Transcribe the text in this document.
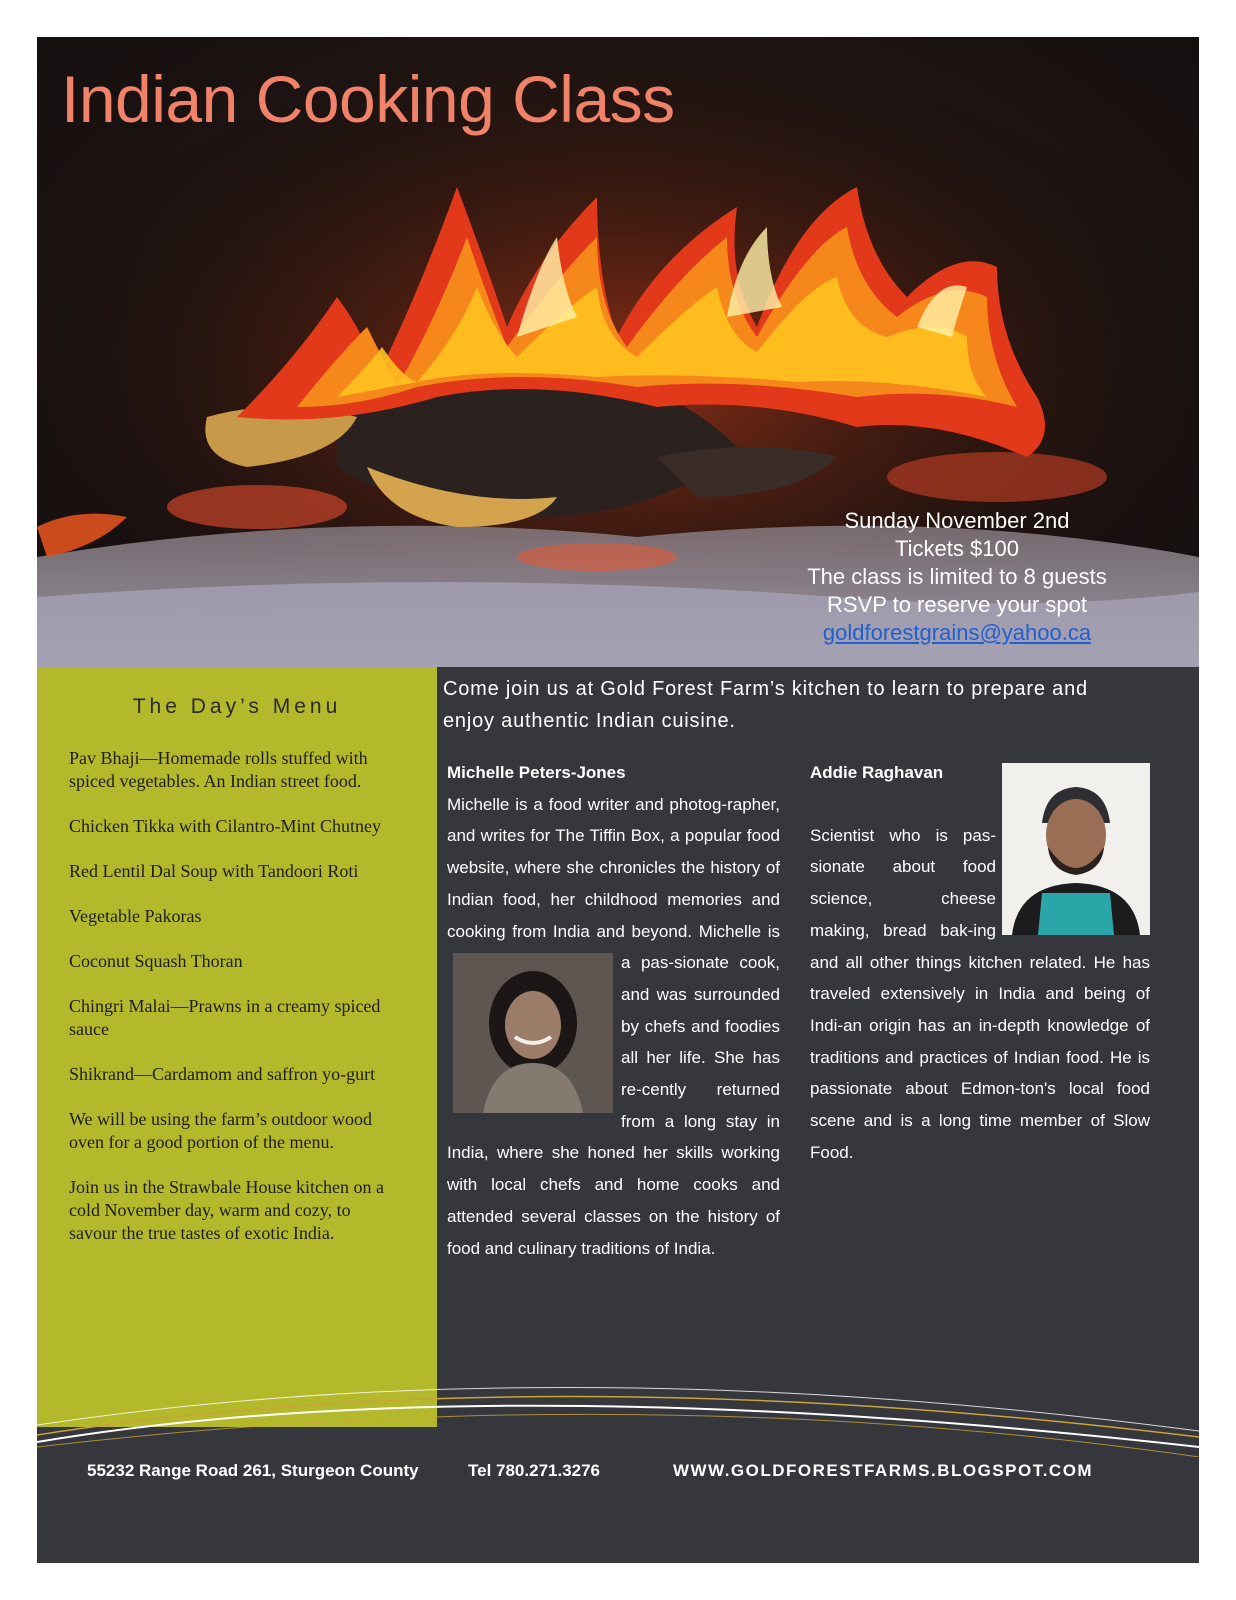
Indian Cooking Class
Sunday November 2nd
Tickets $100
The class is limited to 8 guests
RSVP to reserve your spot
goldforestgrains@yahoo.ca
The Day’s Menu

Pav Bhaji—Homemade rolls stuffed with spiced vegetables. An Indian street food.

Chicken Tikka with Cilantro-Mint Chutney

Red Lentil Dal Soup with Tandoori Roti

Vegetable Pakoras

Coconut Squash Thoran

Chingri Malai—Prawns in a creamy spiced sauce

Shikrand—Cardamom and saffron yo-gurt

We will be using the farm’s outdoor wood oven for a good portion of the menu.

Join us in the Strawbale House kitchen on a cold November day, warm and cozy, to savour the true tastes of exotic India.

Come join us at Gold Forest Farm’s kitchen to learn to prepare and enjoy authentic Indian cuisine.
Michelle Peters-Jones
Michelle is a food writer and photog-rapher, and writes for The Tiffin Box, a popular food website, where she chronicles the history of Indian food, her childhood memories and cooking from India and beyond. Michelle is a pas-sionate cook, and was surrounded by chefs and foodies all her life. She has re-cently returned from a long stay in India, where she honed her skills working with local chefs and home cooks and attended several classes on the history of food and culinary traditions of India.
Addie Raghavan
Scientist who is pas-sionate about food science, cheese making, bread bak-ing and all other things kitchen related. He has traveled extensively in India and being of Indi-an origin has an in-depth knowledge of traditions and practices of Indian food. He is passionate about Edmon-ton's local food scene and is a long time member of Slow Food.
55232 Range Road 261, Sturgeon County	Tel 780.271.3276	WWW.GOLDFORESTFARMS.BLOGSPOT.COM
